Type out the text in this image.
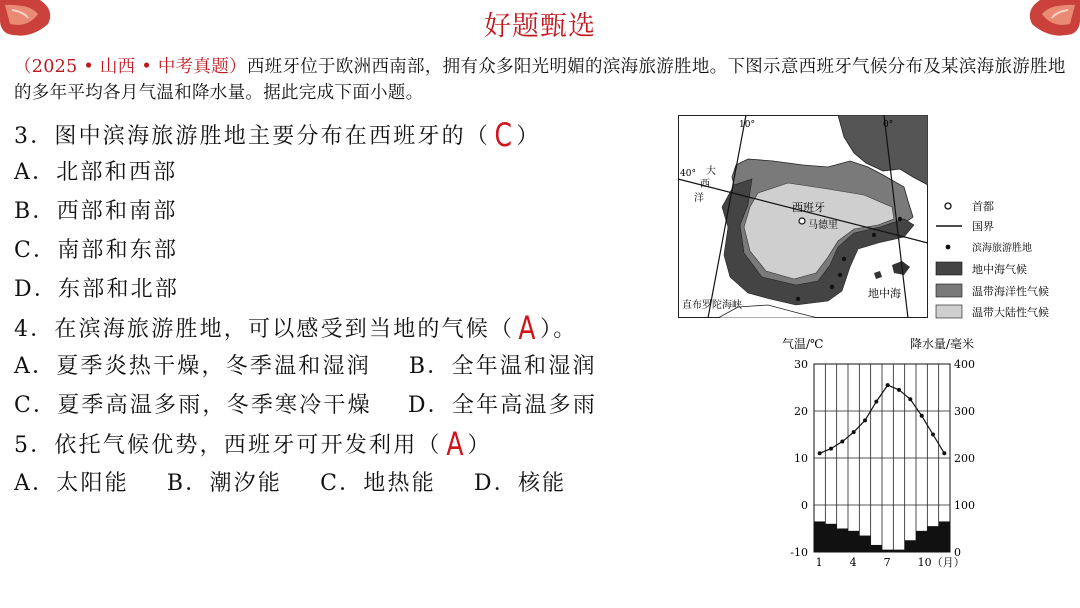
好题甄选
（2025 • 山西 • 中考真题）西班牙位于欧洲西南部，拥有众多阳光明媚的滨海旅游胜地。下图示意西班牙气候分布及某滨海旅游胜地的多年平均各月气温和降水量。据此完成下面小题。
3．图中滨海旅游胜地主要分布在西班牙的（ C ）
A．北部和西部
B．西部和南部
C．南部和东部
D．东部和北部
4．在滨海旅游胜地，可以感受到当地的气候（ A ）。
A．夏季炎热干燥，冬季温和湿润 B．全年温和湿润
C．夏季高温多雨，冬季寒冷干燥 D．全年高温多雨
5．依托气候优势，西班牙可开发利用（ A ）
A．太阳能 B．潮汐能 C．地热能 D．核能
10°	0°
40° 大
西
洋
西班牙
马德里
地中海
直布罗陀海峡
首都
国界
滨海旅游胜地
地中海气候
温带海洋性气候
温带大陆性气候
气温/℃	降水量/毫米
30
20
10
0
-10
400
300
200
100
0
1 4 7 10（月）
